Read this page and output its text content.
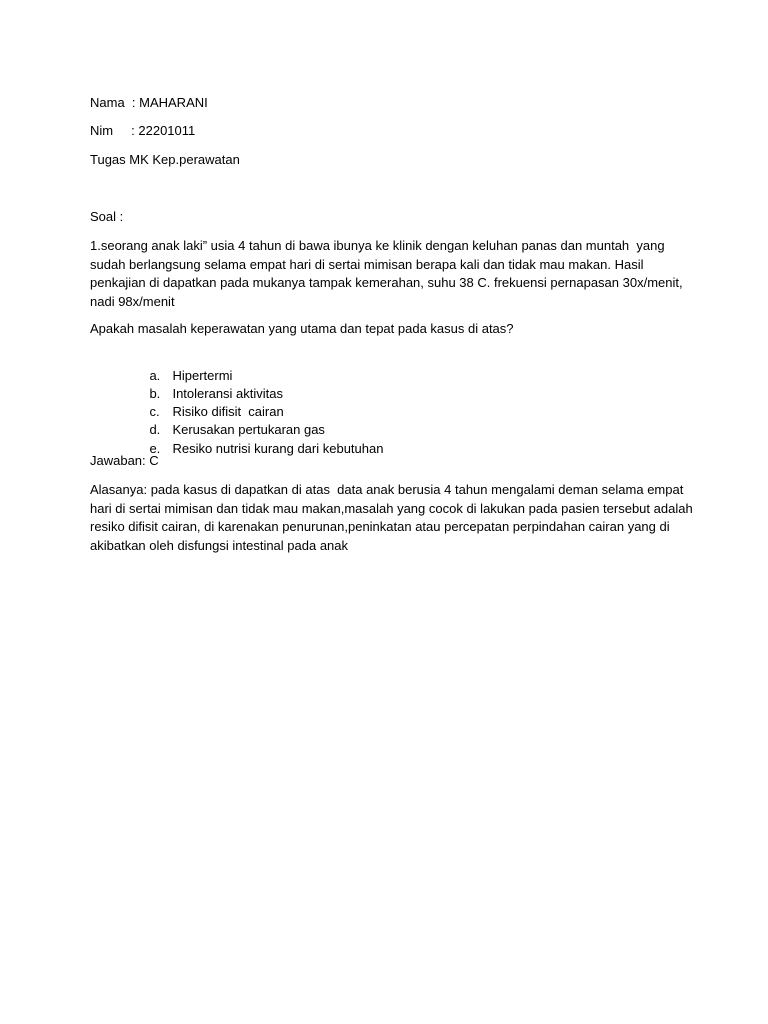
Nama  : MAHARANI
Nim     : 22201011
Tugas MK Kep.perawatan
Soal :
1.seorang anak laki” usia 4 tahun di bawa ibunya ke klinik dengan keluhan panas dan muntah  yang
sudah berlangsung selama empat hari di sertai mimisan berapa kali dan tidak mau makan. Hasil
penkajian di dapatkan pada mukanya tampak kemerahan, suhu 38 C. frekuensi pernapasan 30x/menit,
nadi 98x/menit
Apakah masalah keperawatan yang utama dan tepat pada kasus di atas?

a. Hipertermi

b. Intoleransi aktivitas

c. Risiko difisit  cairan

d. Kerusakan pertukaran gas

e. Resiko nutrisi kurang dari kebutuhan

Jawaban: C
Alasanya: pada kasus di dapatkan di atas  data anak berusia 4 tahun mengalami deman selama empat
hari di sertai mimisan dan tidak mau makan,masalah yang cocok di lakukan pada pasien tersebut adalah
resiko difisit cairan, di karenakan penurunan,peninkatan atau percepatan perpindahan cairan yang di
akibatkan oleh disfungsi intestinal pada anak
